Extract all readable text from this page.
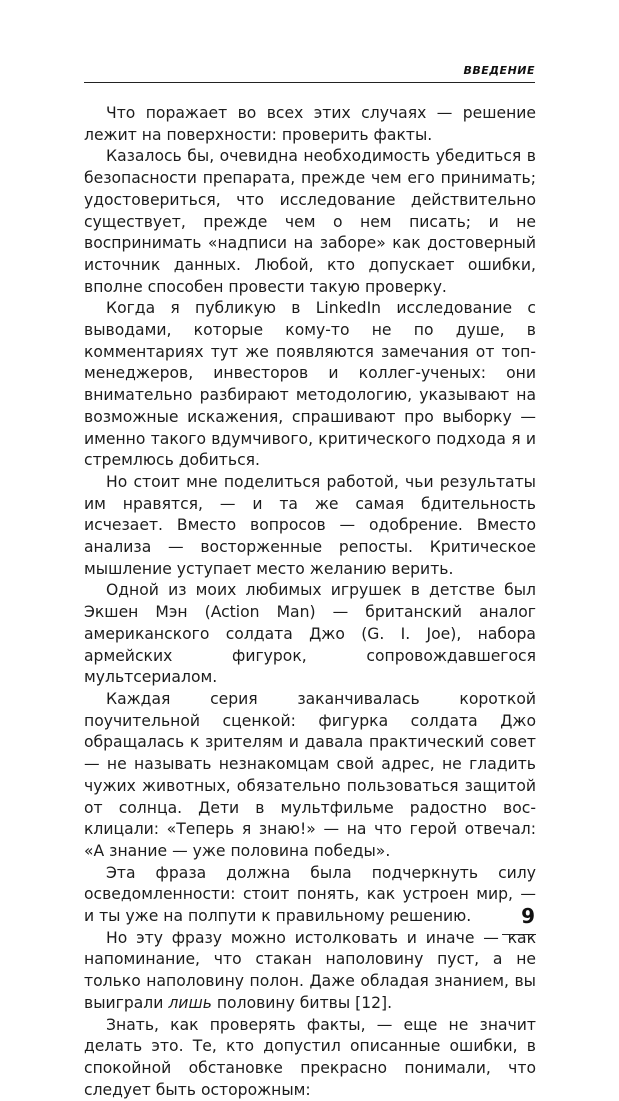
ВВЕДЕНИЕ

Что поражает во всех этих случаях — решение лежит на поверхности: проверить факты.

Казалось бы, очевидна необходимость убедиться в безопасности препарата, прежде чем его принимать; удостовериться, что исследование действительно существует, прежде чем о нем писать; и не воспринимать «надписи на заборе» как достоверный источник данных. Любой, кто допускает ошибки, вполне способен провести такую проверку.

Когда я публикую в LinkedIn исследование с выводами, которые кому-то не по душе, в комментариях тут же появляются замечания от топ-менеджеров, инвесторов и коллег-ученых: они внимательно разбирают методологию, указывают на возможные искажения, спрашивают про выборку — именно такого вдумчивого, критического подхода я и стремлюсь добиться.

Но стоит мне поделиться работой, чьи результаты им нравятся, — и та же самая бдительность исчезает. Вместо вопросов — одобрение. Вместо анализа — восторженные репосты. Критическое мышление уступает место желанию верить.

Одной из моих любимых игрушек в детстве был Экшен Мэн (Action Man) — британский аналог американского солдата Джо (G. I. Joe), набора армейских фигурок, сопровождавшегося мультсериалом.

Каждая серия заканчивалась короткой поучительной сценкой: фигурка солдата Джо обращалась к зрителям и давала практический совет — не называть незнакомцам свой адрес, не гладить чужих животных, обязательно пользоваться защитой от солнца. Дети в мультфильме радостно восклицали: «Теперь я знаю!» — на что герой отвечал: «А знание — уже половина победы».

Эта фраза должна была подчеркнуть силу осведомленности: стоит понять, как устроен мир, — и ты уже на полпути к правильному решению.

Но эту фразу можно истолковать и иначе — как напоминание, что стакан наполовину пуст, а не только наполовину полон. Даже обладая знанием, вы выиграли лишь половину битвы [12].

Знать, как проверять факты, — еще не значит делать это. Те, кто допустил описанные ошибки, в спокойной обстановке прекрасно понимали, что следует быть осторожным:

9
